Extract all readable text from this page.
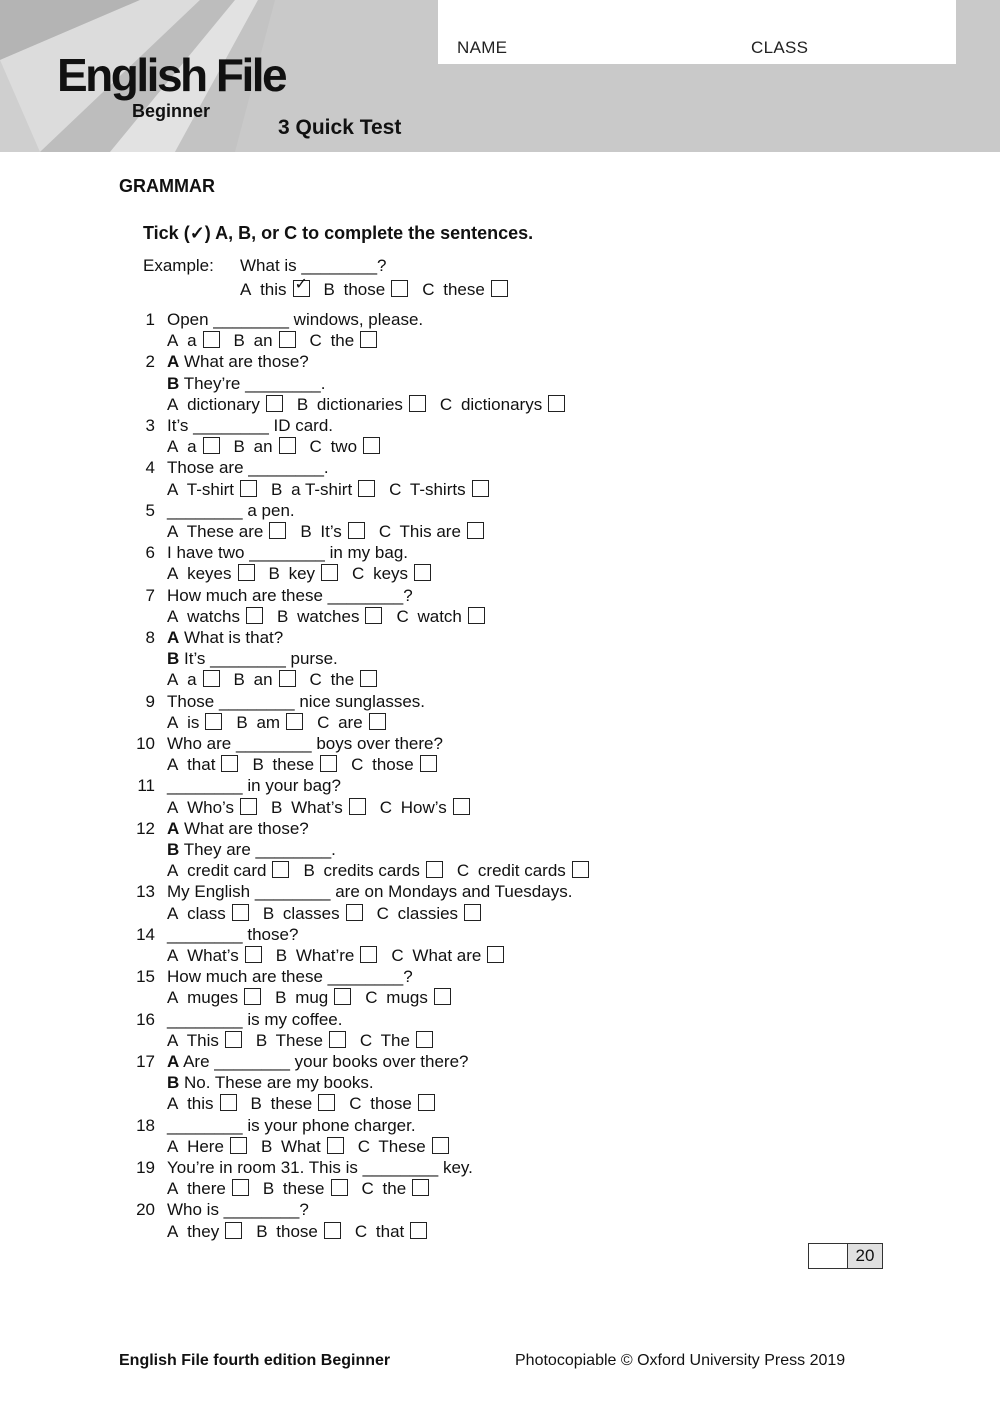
NAME	CLASS
English File
Beginner
3 Quick Test
GRAMMAR
Tick (✓) A, B, or C to complete the sentences.
Example: What is ________?
A this ✓ B those C these
1 Open ________ windows, please.
A a B an C the
2 A What are those?
B They’re ________.
A dictionary B dictionaries C dictionarys
3 It’s ________ ID card.
A a B an C two
4 Those are ________.
A T-shirt B a T-shirt C T-shirts
5 ________ a pen.
A These are B It’s C This are
6 I have two ________ in my bag.
A keyes B key C keys
7 How much are these ________?
A watchs B watches C watch
8 A What is that?
B It’s ________ purse.
A a B an C the
9 Those ________ nice sunglasses.
A is B am C are
10 Who are ________ boys over there?
A that B these C those
11 ________ in your bag?
A Who’s B What’s C How’s
12 A What are those?
B They are ________.
A credit card B credits cards C credit cards
13 My English ________ are on Mondays and Tuesdays.
A class B classes C classies
14 ________ those?
A What’s B What’re C What are
15 How much are these ________?
A muges B mug C mugs
16 ________ is my coffee.
A This B These C The
17 A Are ________ your books over there?
B No. These are my books.
A this B these C those
18 ________ is your phone charger.
A Here B What C These
19 You’re in room 31. This is ________ key.
A there B these C the
20 Who is ________?
A they B those C that
20
English File fourth edition Beginner	Photocopiable © Oxford University Press 2019
